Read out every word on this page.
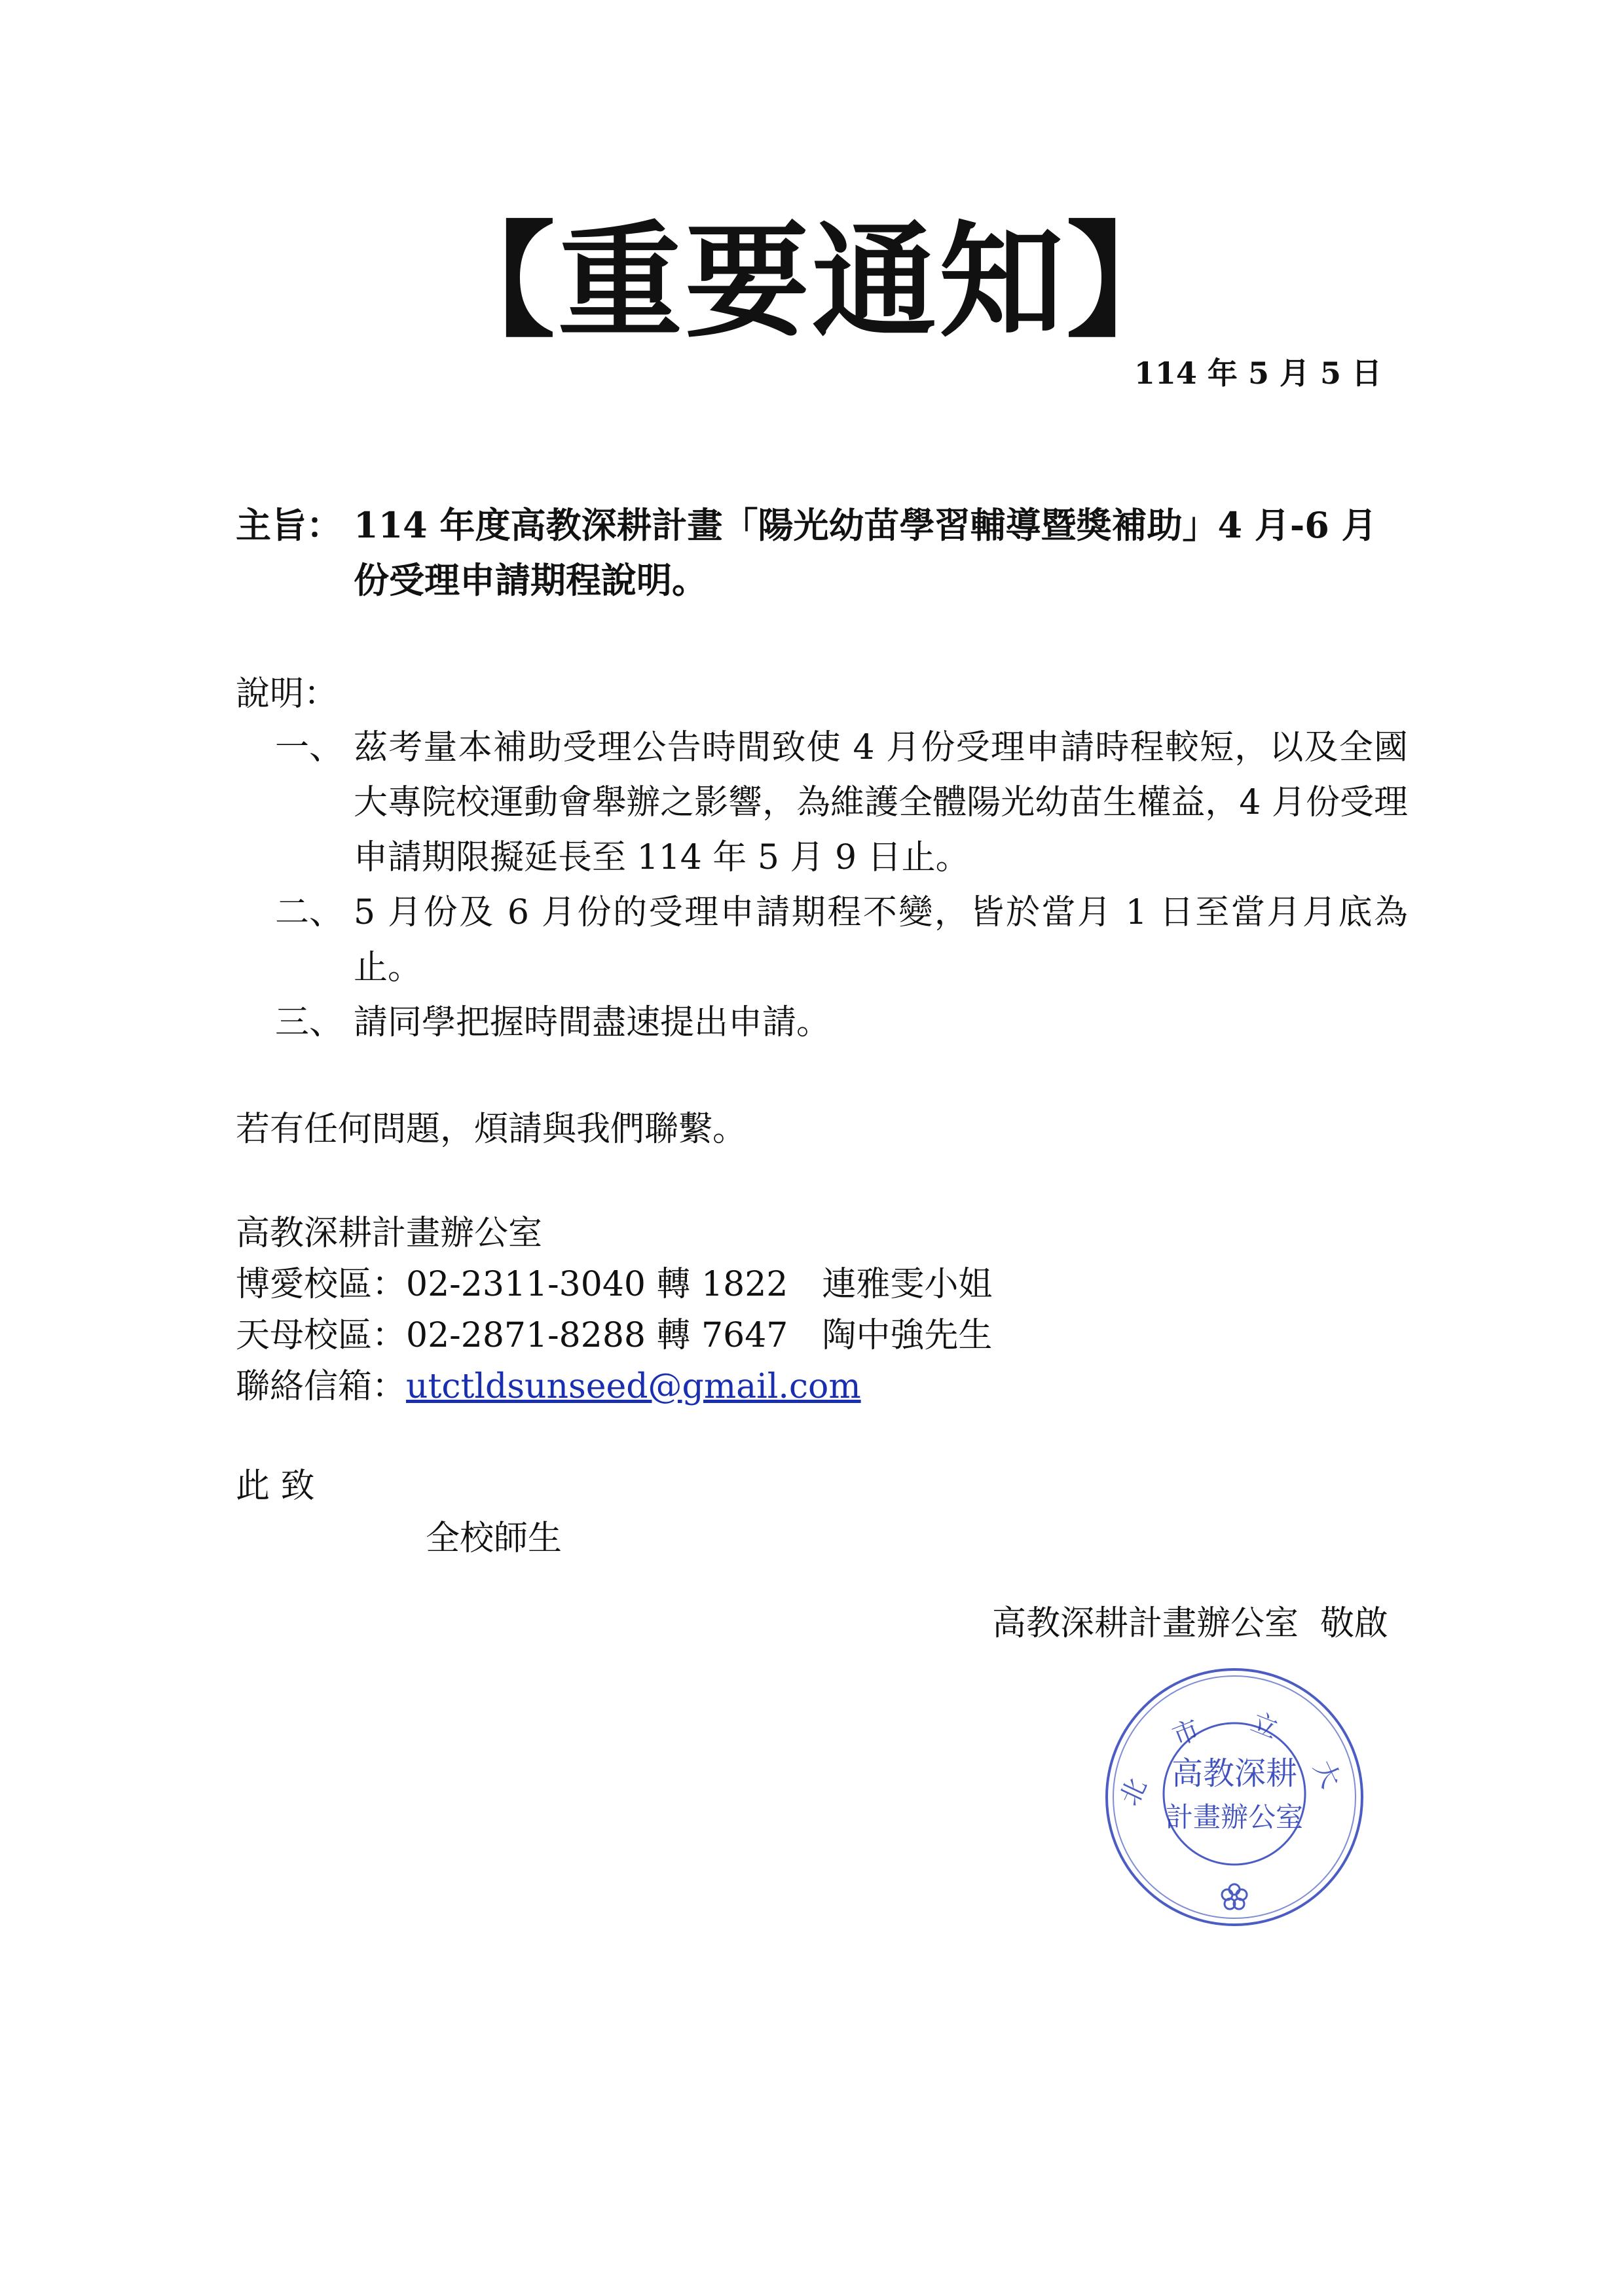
【重要通知】
114 年 5 月 5 日
主旨： 114 年度高教深耕計畫「陽光幼苗學習輔導暨獎補助」4 月-6 月份受理申請期程說明。
說明：
一、 茲考量本補助受理公告時間致使 4 月份受理申請時程較短，以及全國大專院校運動會舉辦之影響，為維護全體陽光幼苗生權益，4 月份受理申請期限擬延長至 114 年 5 月 9 日止。
二、 5 月份及 6 月份的受理申請期程不變，皆於當月 1 日至當月月底為止。
三、 請同學把握時間盡速提出申請。
若有任何問題，煩請與我們聯繫。
高教深耕計畫辦公室
博愛校區：02-2311-3040 轉 1822　連雅雯小姐
天母校區：02-2871-8288 轉 7647　陶中強先生
聯絡信箱：utctldsunseed@gmail.com
此 致
全校師生
高教深耕計畫辦公室  敬啟
北 市 立 大
高教深耕
計畫辦公室
